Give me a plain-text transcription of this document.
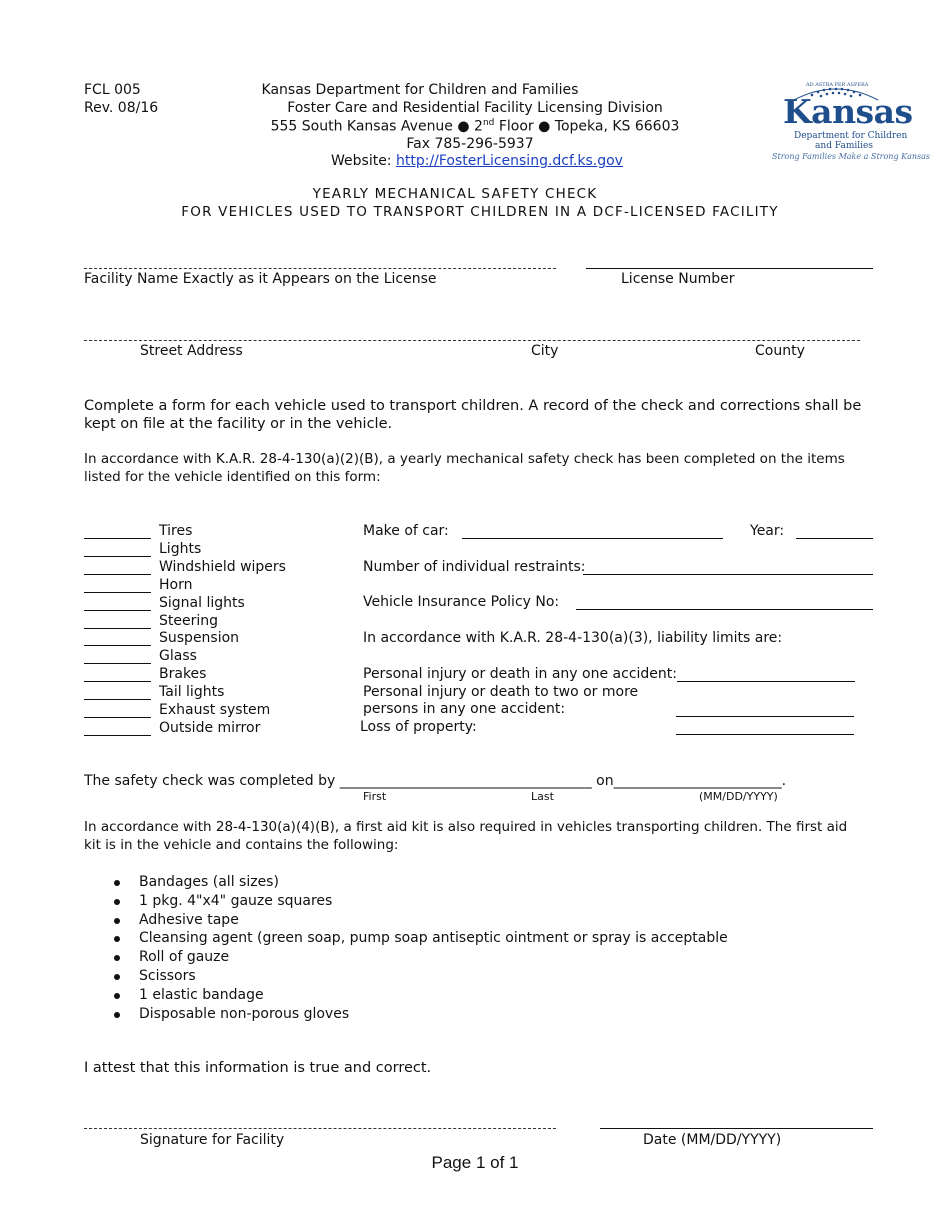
FCL 005
Rev. 08/16
Kansas Department for Children and Families
Foster Care and Residential Facility Licensing Division
555 South Kansas Avenue ● 2nd Floor ● Topeka, KS 66603
Fax 785-296-5937
Website: http://FosterLicensing.dcf.ks.gov
AD ASTRA PER ASPERA
Kansas
Department for Children
and Families
Strong Families Make a Strong Kansas
YEARLY MECHANICAL SAFETY CHECK
FOR VEHICLES USED TO TRANSPORT CHILDREN IN A DCF-LICENSED FACILITY
Facility Name Exactly as it Appears on the License	License Number
Street Address	City	County
Complete a form for each vehicle used to transport children. A record of the check and corrections shall be
kept on file at the facility or in the vehicle.
In accordance with K.A.R. 28-4-130(a)(2)(B), a yearly mechanical safety check has been completed on the items
listed for the vehicle identified on this form:
Tires
Lights
Windshield wipers
Horn
Signal lights
Steering
Suspension
Glass
Brakes
Tail lights
Exhaust system
Outside mirror
Make of car:	Year:
Number of individual restraints:
Vehicle Insurance Policy No:
In accordance with K.A.R. 28-4-130(a)(3), liability limits are:
Personal injury or death in any one accident:
Personal injury or death to two or more
persons in any one accident:
Loss of property:
The safety check was completed by ____________________________________ on________________________.
First	Last	(MM/DD/YYYY)
In accordance with 28-4-130(a)(4)(B), a first aid kit is also required in vehicles transporting children. The first aid
kit is in the vehicle and contains the following:
Bandages (all sizes)
1 pkg. 4"x4" gauze squares
Adhesive tape
Cleansing agent (green soap, pump soap antiseptic ointment or spray is acceptable
Roll of gauze
Scissors
1 elastic bandage
Disposable non-porous gloves
I attest that this information is true and correct.
Signature for Facility	Date (MM/DD/YYYY)
Page 1 of 1
